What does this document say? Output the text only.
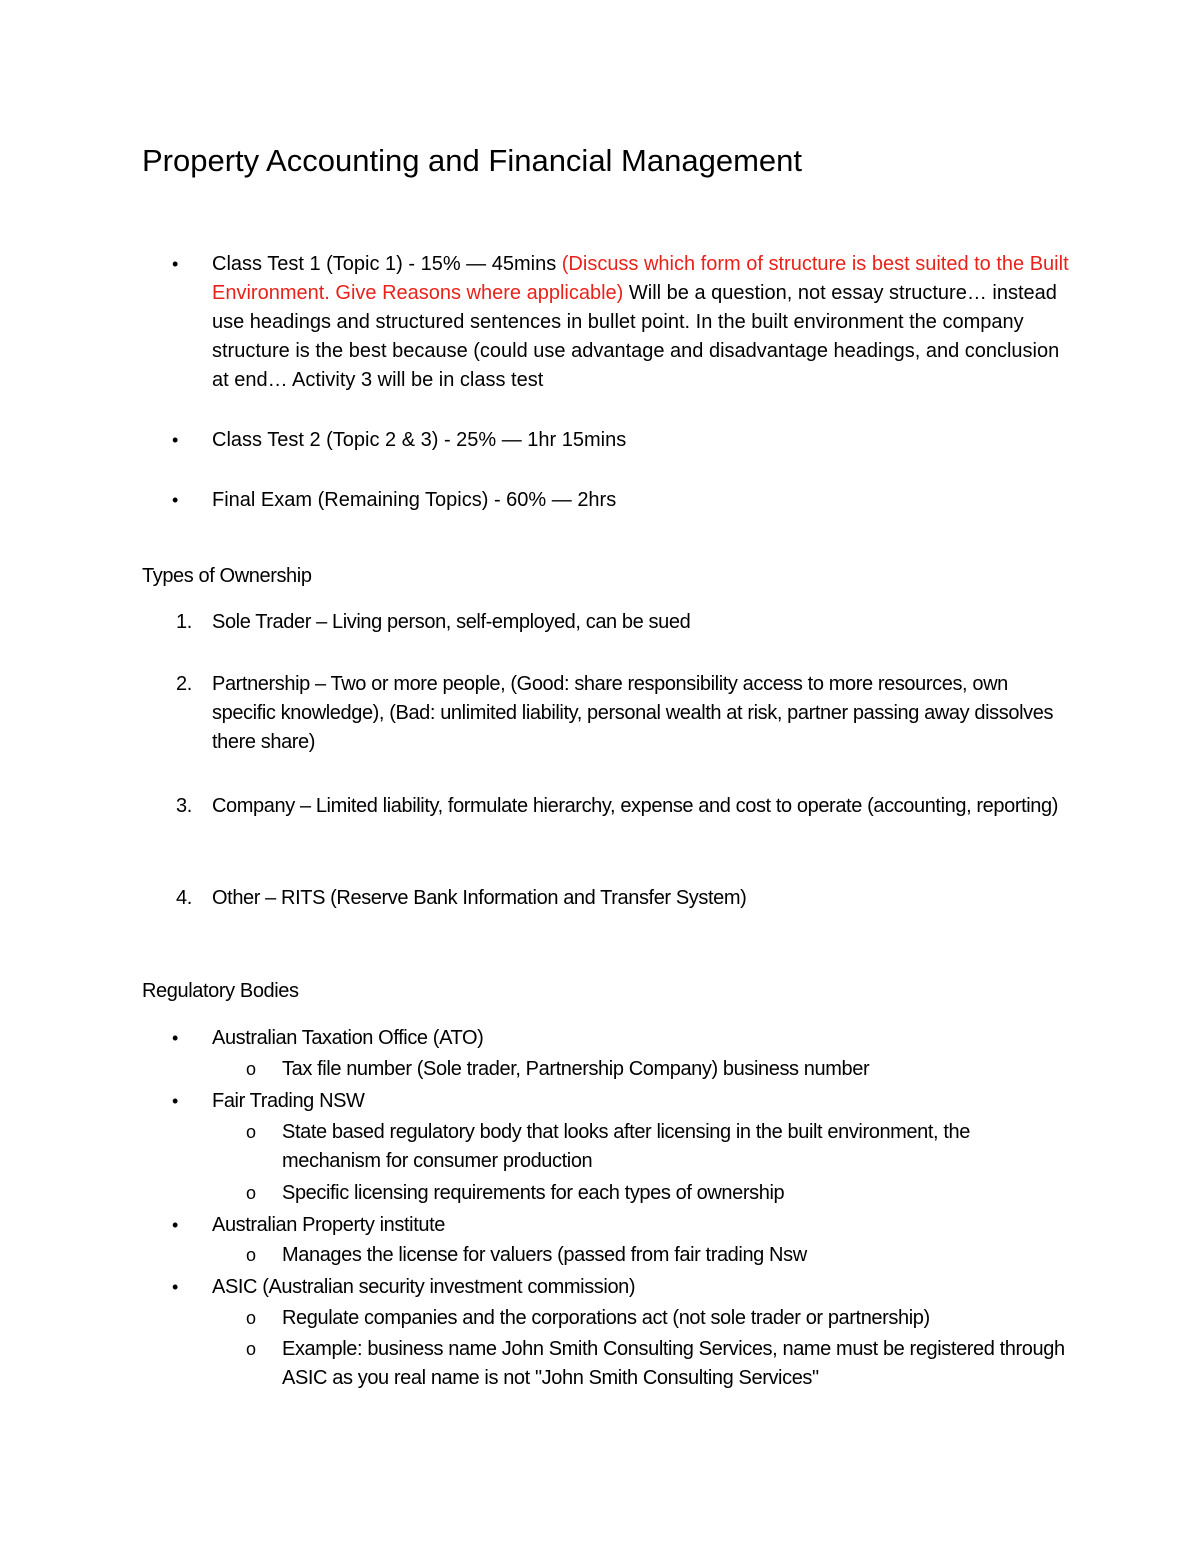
Property Accounting and Financial Management
•	Class Test 1 (Topic 1) - 15% — 45mins (Discuss which form of structure is best suited to the Built Environment. Give Reasons where applicable) Will be a question, not essay structure… instead use headings and structured sentences in bullet point. In the built environment the company structure is the best because (could use advantage and disadvantage headings, and conclusion at end… Activity 3 will be in class test
•	Class Test 2 (Topic 2 & 3) - 25% — 1hr 15mins
•	Final Exam (Remaining Topics) - 60% — 2hrs
Types of Ownership
1.	Sole Trader – Living person, self-employed, can be sued
2.	Partnership – Two or more people, (Good: share responsibility access to more resources, own specific knowledge), (Bad: unlimited liability, personal wealth at risk, partner passing away dissolves there share)
3.	Company – Limited liability, formulate hierarchy, expense and cost to operate (accounting, reporting)
4.	Other – RITS (Reserve Bank Information and Transfer System)
Regulatory Bodies
•	Australian Taxation Office (ATO)
o	Tax file number (Sole trader, Partnership Company) business number
•	Fair Trading NSW
o	State based regulatory body that looks after licensing in the built environment, the mechanism for consumer production
o	Specific licensing requirements for each types of ownership
•	Australian Property institute
o	Manages the license for valuers (passed from fair trading Nsw
•	ASIC (Australian security investment commission)
o	Regulate companies and the corporations act (not sole trader or partnership)
o	Example: business name John Smith Consulting Services, name must be registered through ASIC as you real name is not "John Smith Consulting Services"
